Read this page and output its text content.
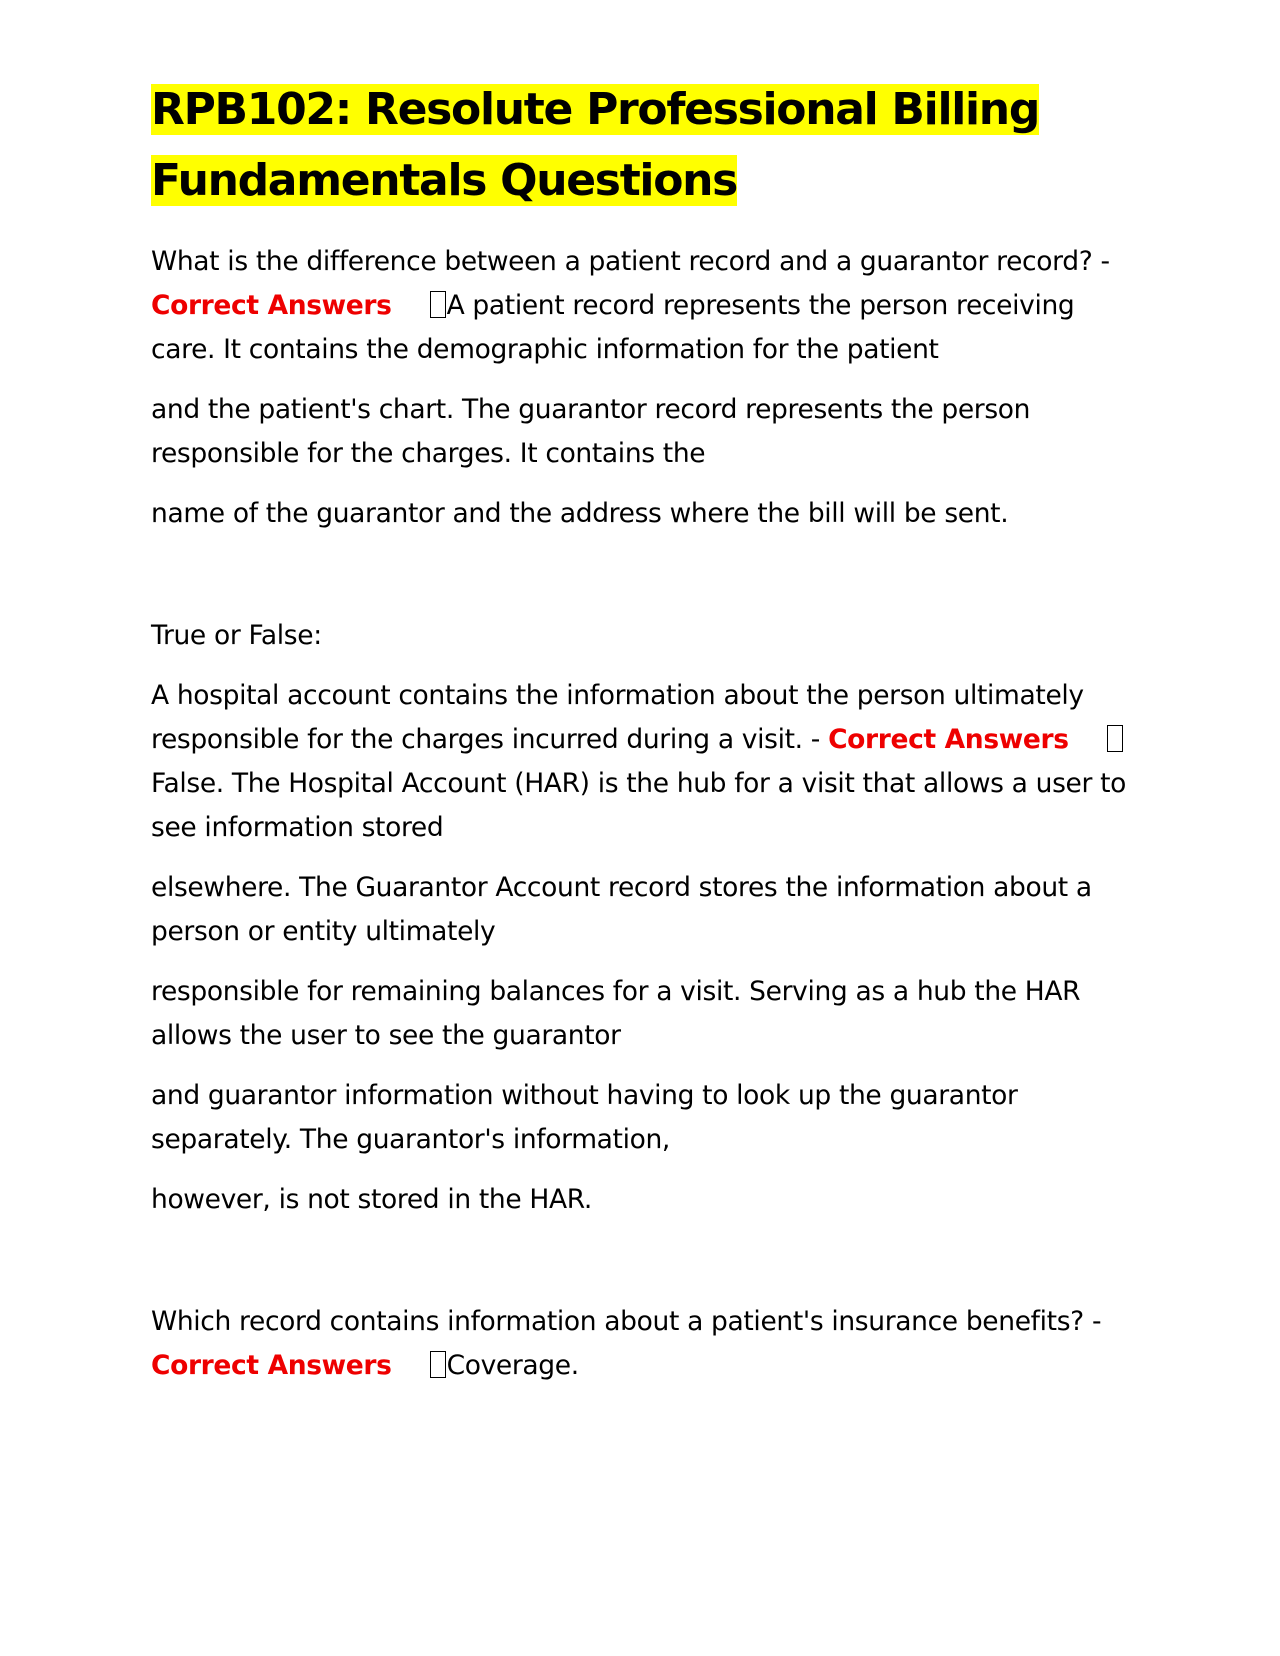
RPB102: Resolute Professional Billing Fundamentals Questions

What is the difference between a patient record and a guarantor record? - Correct Answers A patient record represents the person receiving care. It contains the demographic information for the patient

and the patient's chart. The guarantor record represents the person responsible for the charges. It contains the

name of the guarantor and the address where the bill will be sent.

True or False:

A hospital account contains the information about the person ultimately responsible for the charges incurred during a visit. - Correct AnswersFalse. The Hospital Account (HAR) is the hub for a visit that allows a user to see information stored

elsewhere. The Guarantor Account record stores the information about a person or entity ultimately

responsible for remaining balances for a visit. Serving as a hub the HAR allows the user to see the guarantor

and guarantor information without having to look up the guarantor separately. The guarantor's information,

however, is not stored in the HAR.

Which record contains information about a patient's insurance benefits? - Correct Answers Coverage.
